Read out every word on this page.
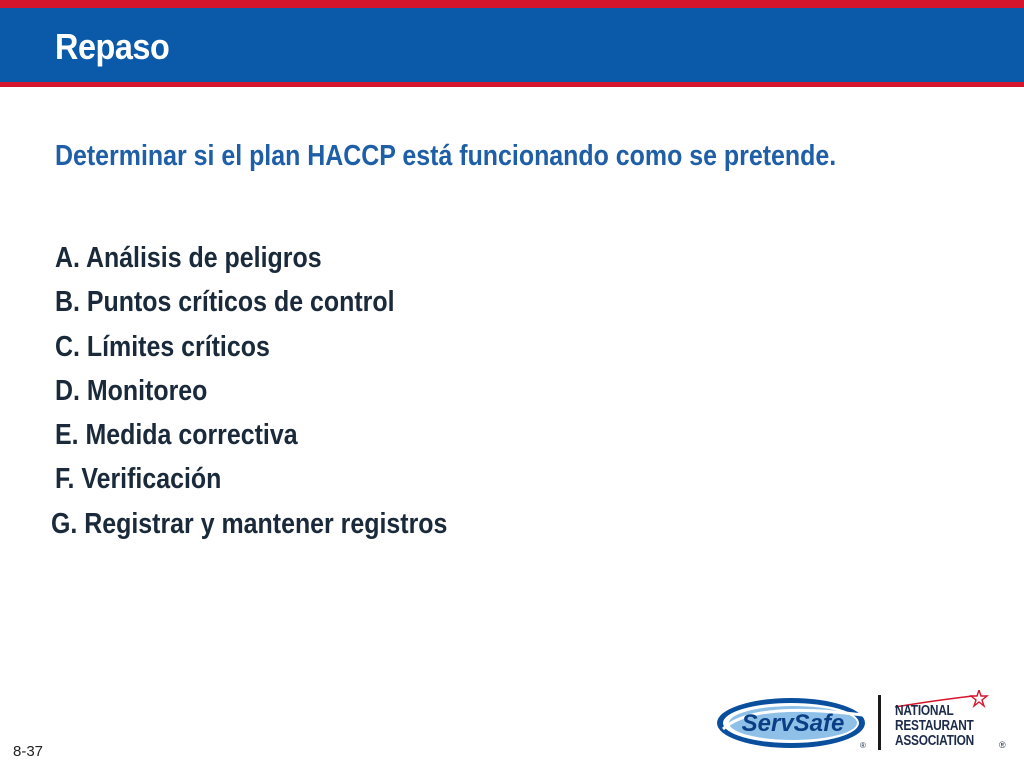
Repaso

Determinar si el plan HACCP está funcionando como se pretende.

A. Análisis de peligros
B. Puntos críticos de control
C. Límites críticos
D. Monitoreo
E. Medida correctiva
F. Verificación
G. Registrar y mantener registros
8-37
ServSafe
®
NATIONAL
RESTAURANT
ASSOCIATION	®
